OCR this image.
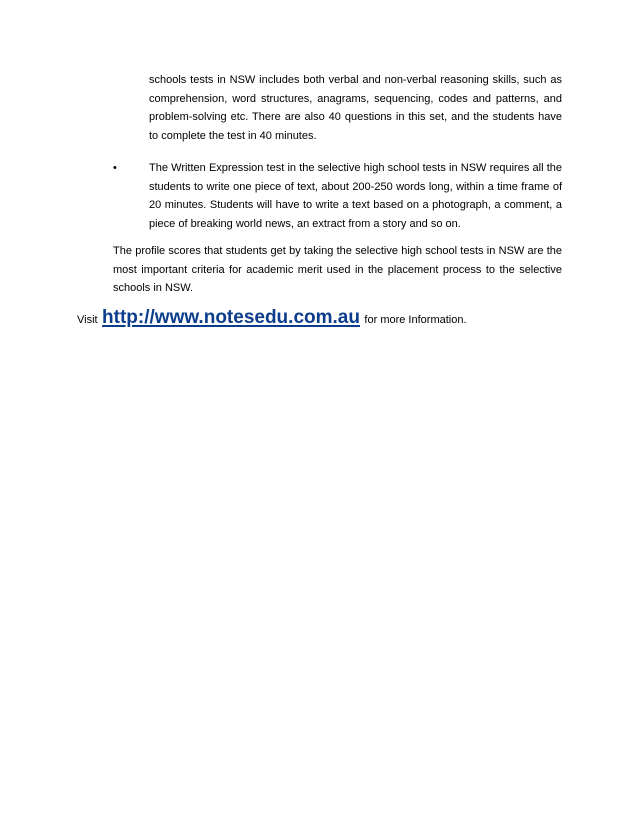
schools tests in NSW includes both verbal and non-verbal reasoning skills, such as comprehension, word structures, anagrams, sequencing, codes and patterns, and problem-solving etc. There are also 40 questions in this set, and the students have to complete the test in 40 minutes.

•	The Written Expression test in the selective high school tests in NSW requires all the students to write one piece of text, about 200-250 words long, within a time frame of 20 minutes. Students will have to write a text based on a photograph, a comment, a piece of breaking world news, an extract from a story and so on.

The profile scores that students get by taking the selective high school tests in NSW are the most important criteria for academic merit used in the placement process to the selective schools in NSW.

Visit http://www.notesedu.com.au for more Information.
